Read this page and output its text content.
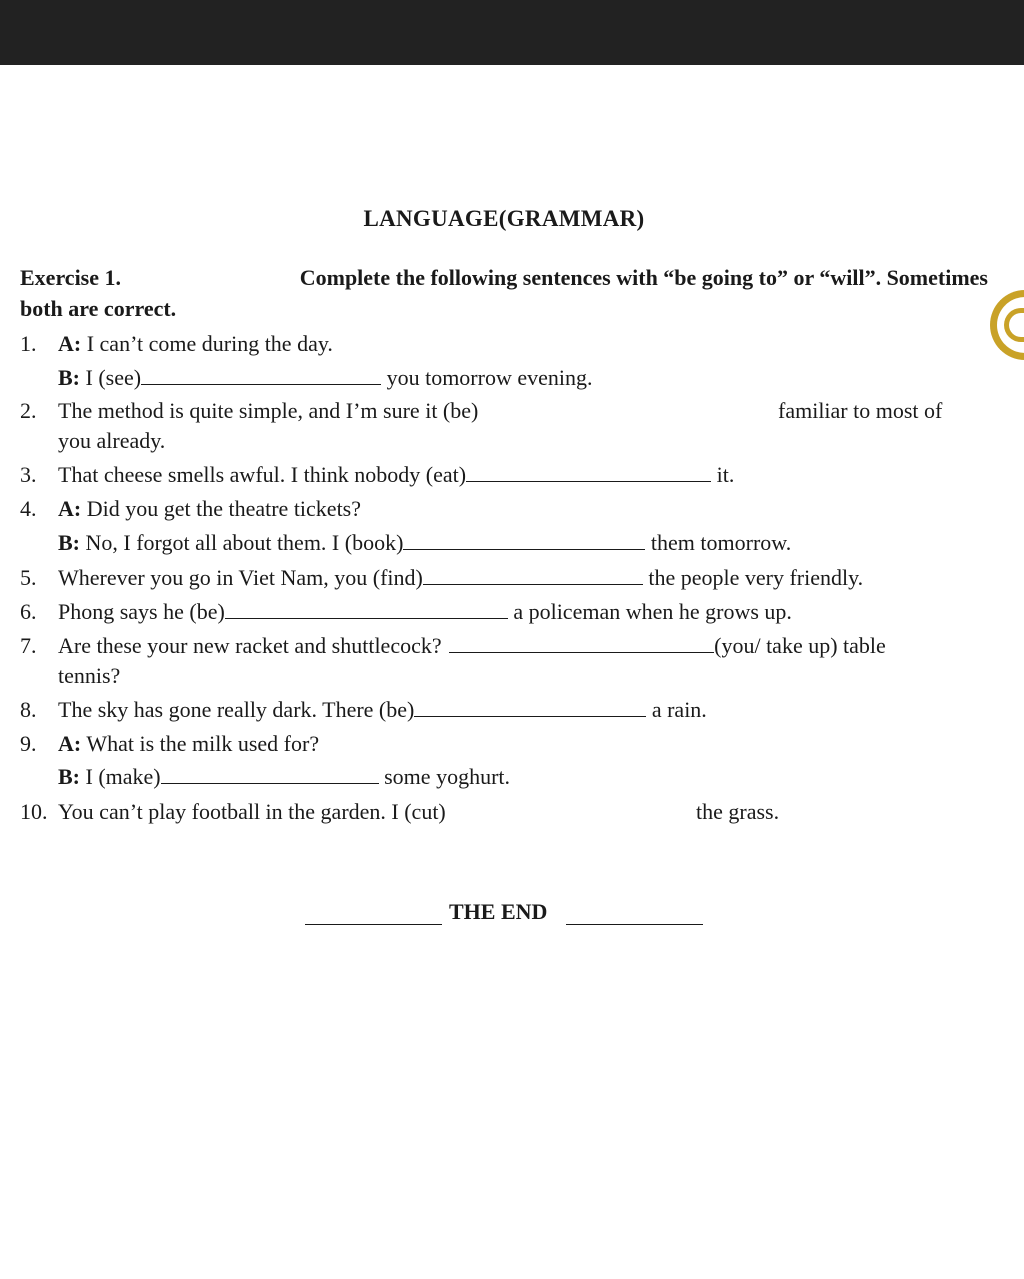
LANGUAGE(GRAMMAR)
Exercise 1.	Complete the following sentences with “be going to” or “will”. Sometimes
both are correct.
1. A: I can’t come during the day.
B: I (see)	you tomorrow evening.
2. The method is quite simple, and I’m sure it (be)	familiar to most of
you already.
3. That cheese smells awful. I think nobody (eat)	it.
4. A: Did you get the theatre tickets?
B: No, I forgot all about them. I (book)	them tomorrow.
5. Wherever you go in Viet Nam, you (find)	the people very friendly.
6. Phong says he (be)	a policeman when he grows up.
7. Are these your new racket and shuttlecock?	(you/ take up) table
tennis?
8. The sky has gone really dark. There (be)	a rain.
9. A: What is the milk used for?
B: I (make)	some yoghurt.
10. You can’t play football in the garden. I (cut)	the grass.
THE END
